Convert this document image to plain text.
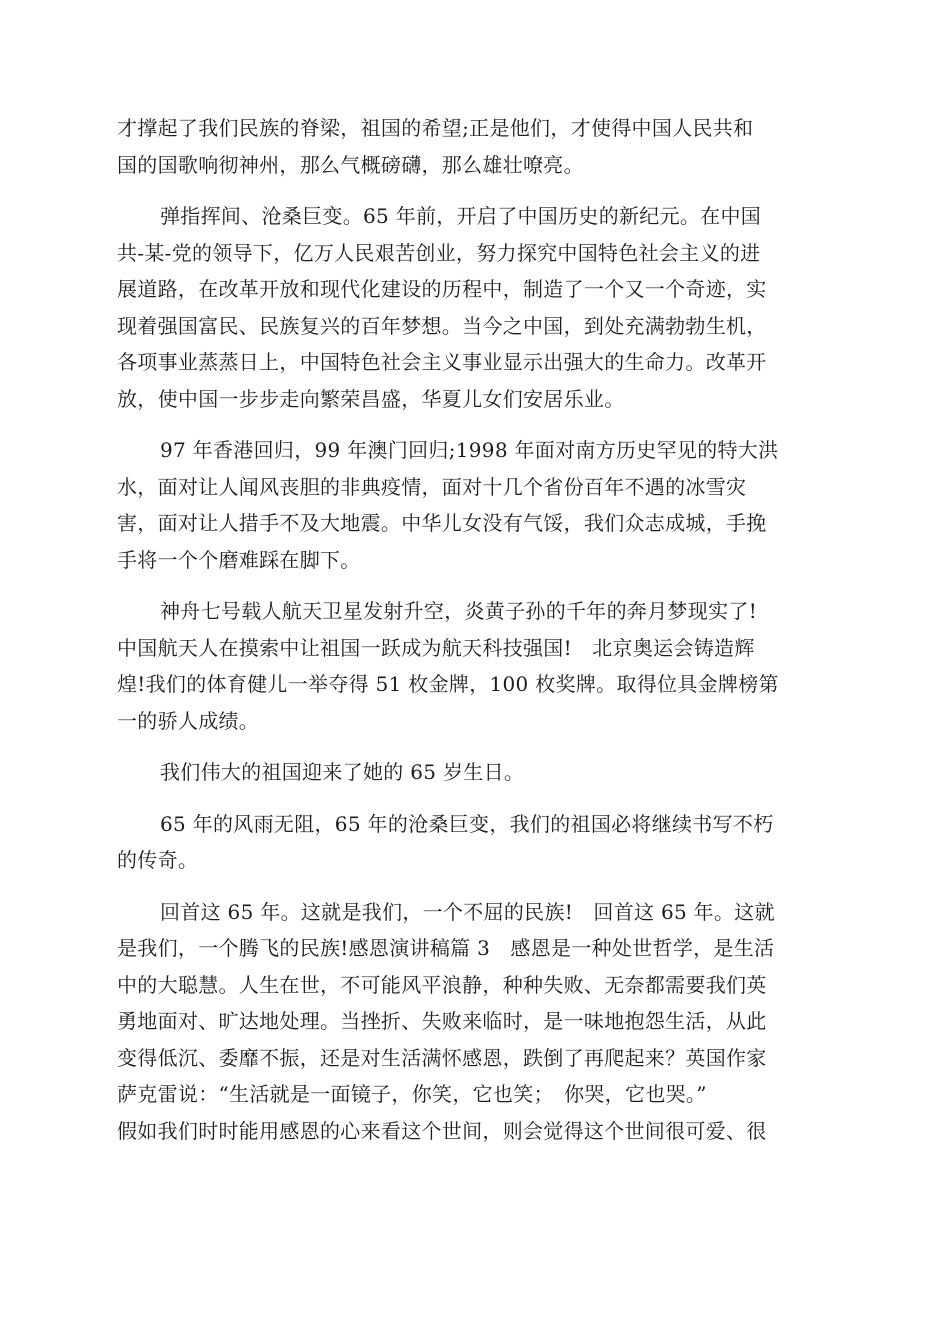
才撑起了我们民族的脊梁，祖国的希望;正是他们，才使得中国人民共和
国的国歌响彻神州，那么气概磅礴，那么雄壮嘹亮。

弹指挥间、沧桑巨变。65 年前，开启了中国历史的新纪元。在中国
共-某-党的领导下，亿万人民艰苦创业，努力探究中国特色社会主义的进
展道路，在改革开放和现代化建设的历程中，制造了一个又一个奇迹，实
现着强国富民、民族复兴的百年梦想。当今之中国，到处充满勃勃生机，
各项事业蒸蒸日上，中国特色社会主义事业显示出强大的生命力。改革开
放，使中国一步步走向繁荣昌盛，华夏儿女们安居乐业。

97 年香港回归，99 年澳门回归;1998 年面对南方历史罕见的特大洪
水，面对让人闻风丧胆的非典疫情，面对十几个省份百年不遇的冰雪灾
害，面对让人措手不及大地震。中华儿女没有气馁，我们众志成城，手挽
手将一个个磨难踩在脚下。

神舟七号载人航天卫星发射升空，炎黄子孙的千年的奔月梦现实了!
中国航天人在摸索中让祖国一跃成为航天科技强国!　北京奥运会铸造辉
煌!我们的体育健儿一举夺得 51 枚金牌，100 枚奖牌。取得位具金牌榜第
一的骄人成绩。

我们伟大的祖国迎来了她的 65 岁生日。

65 年的风雨无阻，65 年的沧桑巨变，我们的祖国必将继续书写不朽
的传奇。

回首这 65 年。这就是我们，一个不屈的民族!　回首这 65 年。这就
是我们，一个腾飞的民族!感恩演讲稿篇 3　感恩是一种处世哲学，是生活
中的大聪慧。人生在世，不可能风平浪静，种种失败、无奈都需要我们英
勇地面对、旷达地处理。当挫折、失败来临时，是一味地抱怨生活，从此
变得低沉、委靡不振，还是对生活满怀感恩，跌倒了再爬起来？英国作家
萨克雷说：“生活就是一面镜子，你笑，它也笑；　你哭，它也哭。”
假如我们时时能用感恩的心来看这个世间，则会觉得这个世间很可爱、很
